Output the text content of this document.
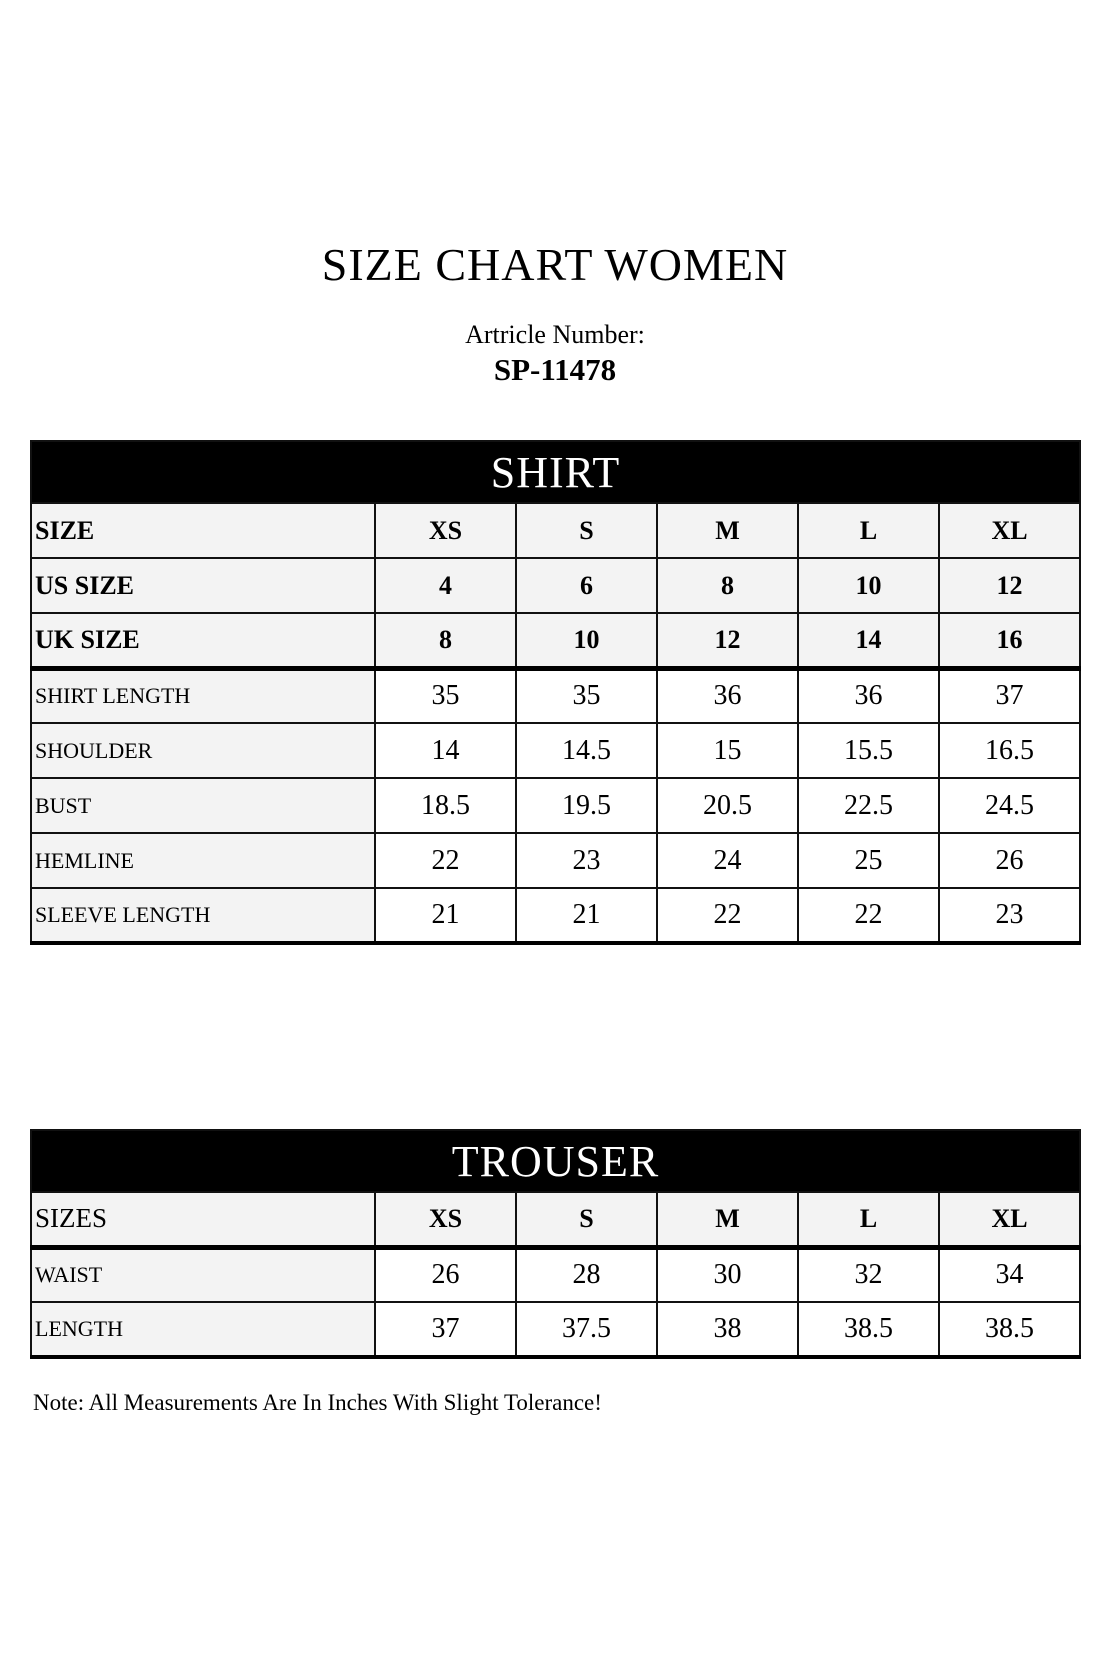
SIZE CHART WOMEN
Artricle Number:
SP-11478
SHIRT					
SIZE	XS	S	M	L	XL
US SIZE	4	6	8	10	12
UK SIZE	8	10	12	14	16
SHIRT LENGTH	35	35	36	36	37
SHOULDER	14	14.5	15	15.5	16.5
BUST	18.5	19.5	20.5	22.5	24.5
HEMLINE	22	23	24	25	26
SLEEVE LENGTH	21	21	22	22	23
TROUSER					
SIZES	XS	S	M	L	XL
WAIST	26	28	30	32	34
LENGTH	37	37.5	38	38.5	38.5
Note: All Measurements Are In Inches With Slight Tolerance!
